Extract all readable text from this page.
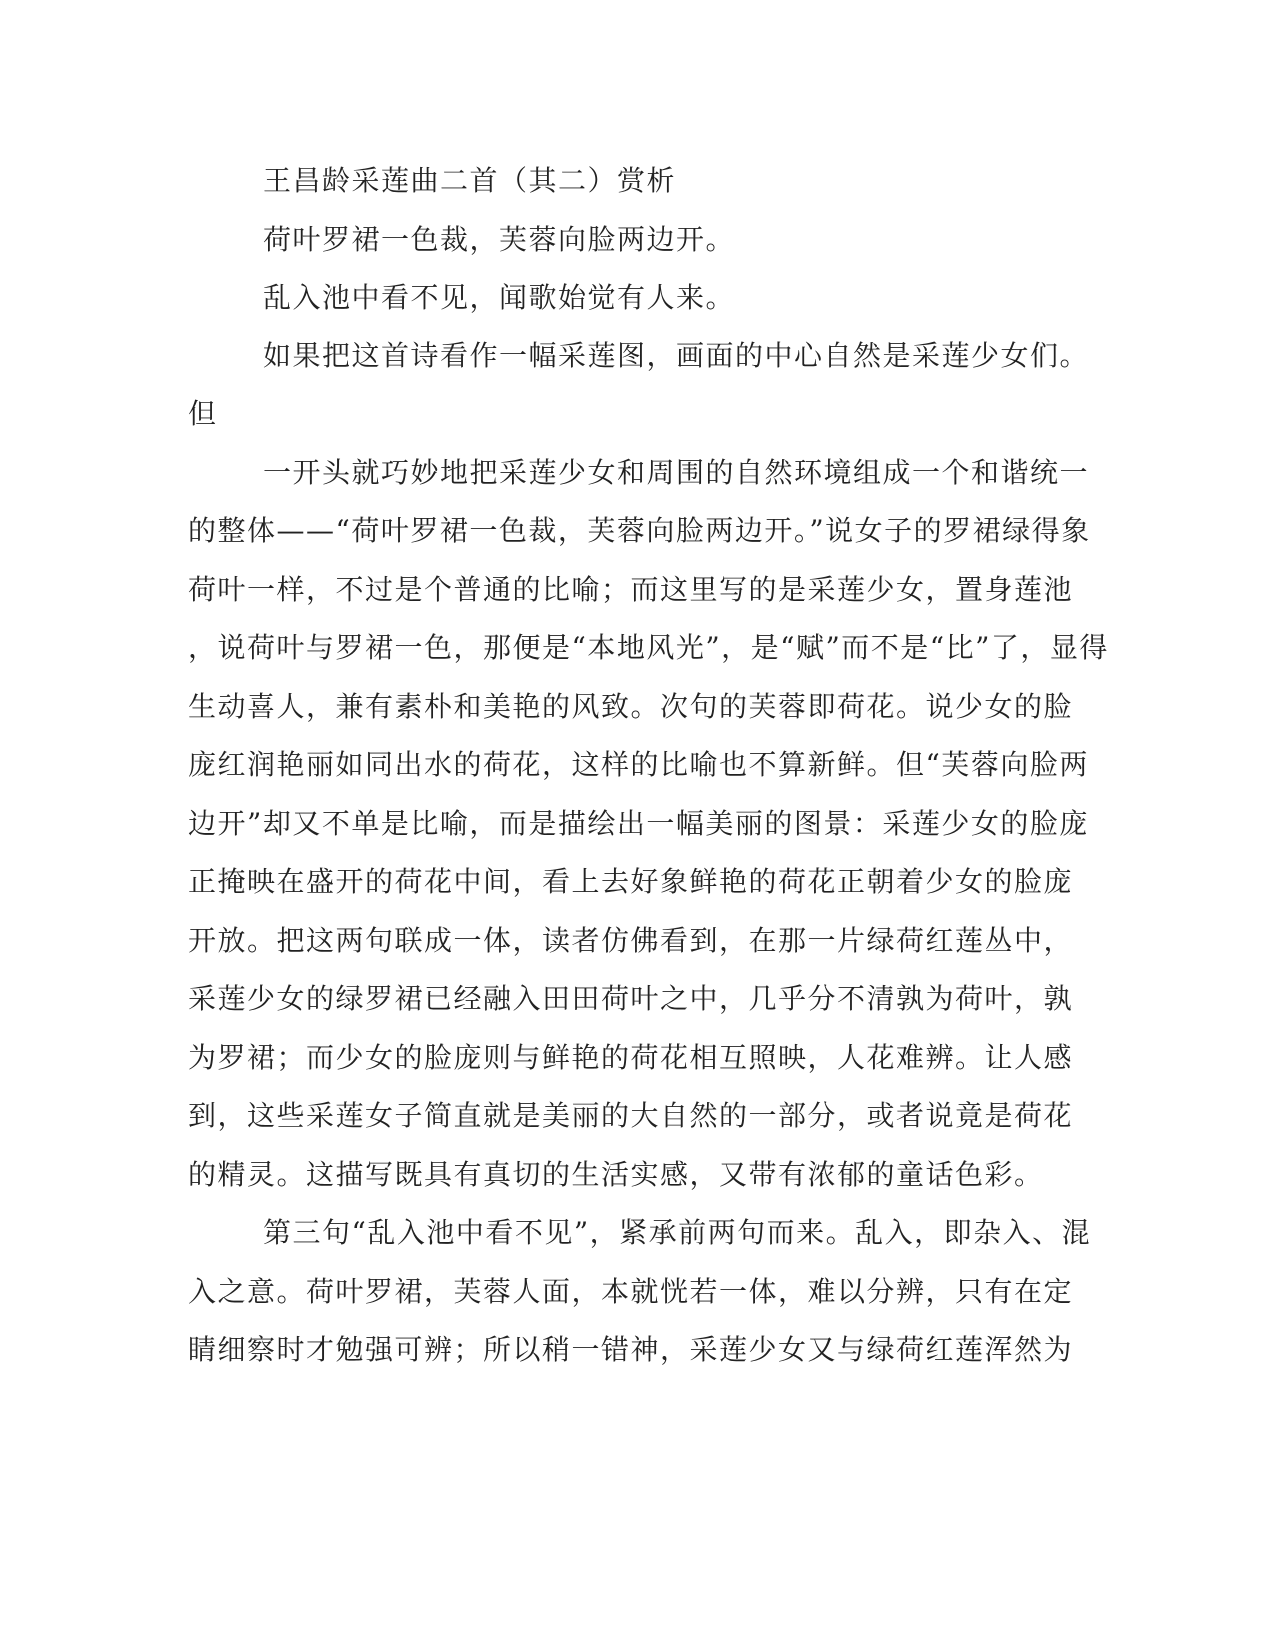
王昌龄采莲曲二首（其二）赏析
荷叶罗裙一色裁，芙蓉向脸两边开。
乱入池中看不见，闻歌始觉有人来。
如果把这首诗看作一幅采莲图，画面的中心自然是采莲少女们。
但
一开头就巧妙地把采莲少女和周围的自然环境组成一个和谐统一
的整体——“荷叶罗裙一色裁，芙蓉向脸两边开。”说女子的罗裙绿得象
荷叶一样，不过是个普通的比喻；而这里写的是采莲少女，置身莲池
，说荷叶与罗裙一色，那便是“本地风光”，是“赋”而不是“比”了，显得
生动喜人，兼有素朴和美艳的风致。次句的芙蓉即荷花。说少女的脸
庞红润艳丽如同出水的荷花，这样的比喻也不算新鲜。但“芙蓉向脸两
边开”却又不单是比喻，而是描绘出一幅美丽的图景：采莲少女的脸庞
正掩映在盛开的荷花中间，看上去好象鲜艳的荷花正朝着少女的脸庞
开放。把这两句联成一体，读者仿佛看到，在那一片绿荷红莲丛中，
采莲少女的绿罗裙已经融入田田荷叶之中，几乎分不清孰为荷叶，孰
为罗裙；而少女的脸庞则与鲜艳的荷花相互照映，人花难辨。让人感
到，这些采莲女子简直就是美丽的大自然的一部分，或者说竟是荷花
的精灵。这描写既具有真切的生活实感，又带有浓郁的童话色彩。
第三句“乱入池中看不见”，紧承前两句而来。乱入，即杂入、混
入之意。荷叶罗裙，芙蓉人面，本就恍若一体，难以分辨，只有在定
睛细察时才勉强可辨；所以稍一错神，采莲少女又与绿荷红莲浑然为
